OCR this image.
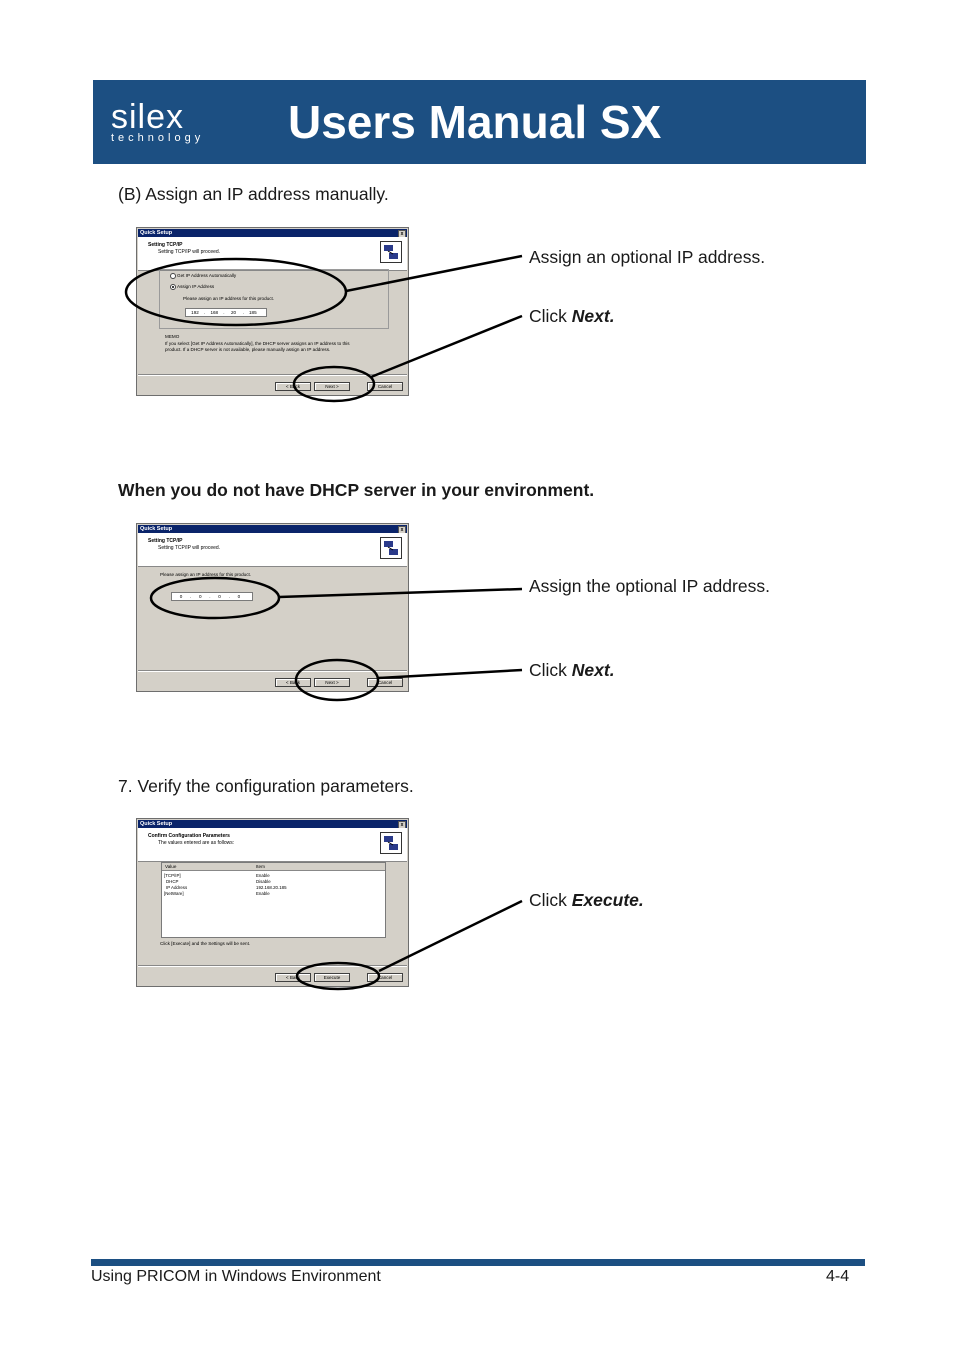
silex
technology Users Manual SX
(B) Assign an IP address manually.
Quick Setup	x
Setting TCP/IP
Setting TCP/IP will proceed.
Get IP Address Automatically
Assign IP Address
Please assign an IP address for this product.
192 . 168 . 20 . 185
MEMO
If you select [Get IP Address Automatically], the DHCP server assigns an IP address to this
product. If a DHCP server is not available, please manually assign an IP address.
< Back	Next >	Cancel
Assign an optional IP address.
Click Next.
When you do not have DHCP server in your environment.
Quick Setup	x
Setting TCP/IP
Setting TCP/IP will proceed.
Please assign an IP address for this product.
0 . 0 . 0 . 0
< Back	Next >	Cancel
Assign the optional IP address.
Click Next.
7. Verify the configuration parameters.
Quick Setup	x
Confirm Configuration Parameters
The values entered are as follows:
Value	Item
[TCP/IP]	Enable
DHCP	Disable
IP Address	192.168.20.185
[NetWare]	Enable
Click [Execute] and the Settings will be sent.
< Back	Execute	Cancel
Click Execute.
Using PRICOM in Windows Environment	4-4
